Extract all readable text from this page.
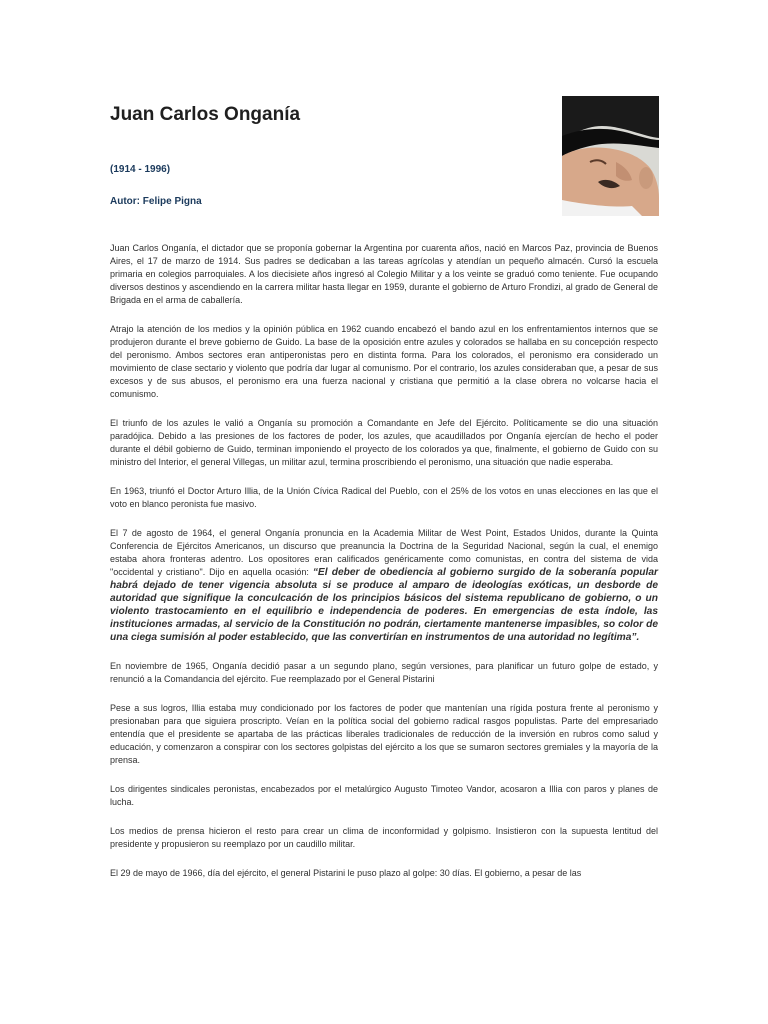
Juan Carlos Onganía
(1914 - 1996)
Autor: Felipe Pigna

Juan Carlos Onganía, el dictador que se proponía gobernar la Argentina por cuarenta años, nació en Marcos Paz, provincia de Buenos Aires, el 17 de marzo de 1914. Sus padres se dedicaban a las tareas agrícolas y atendían un pequeño almacén. Cursó la escuela primaria en colegios parroquiales. A los diecisiete años ingresó al Colegio Militar y a los veinte se graduó como teniente. Fue ocupando diversos destinos y ascendiendo en la carrera militar hasta llegar en 1959, durante el gobierno de Arturo Frondizi, al grado de General de Brigada en el arma de caballería.

Atrajo la atención de los medios y la opinión pública en 1962 cuando encabezó el bando azul en los enfrentamientos internos que se produjeron durante el breve gobierno de Guido. La base de la oposición entre azules y colorados se hallaba en su concepción respecto del peronismo. Ambos sectores eran antiperonistas pero en distinta forma. Para los colorados, el peronismo era considerado un movimiento de clase sectario y violento que podría dar lugar al comunismo. Por el contrario, los azules consideraban que, a pesar de sus excesos y de sus abusos, el peronismo era una fuerza nacional y cristiana que permitió a la clase obrera no volcarse hacia el comunismo.

El triunfo de los azules le valió a Onganía su promoción a Comandante en Jefe del Ejército. Políticamente se dio una situación paradójica. Debido a las presiones de los factores de poder, los azules, que acaudillados por Onganía ejercían de hecho el poder durante el débil gobierno de Guido, terminan imponiendo el proyecto de los colorados ya que, finalmente, el gobierno de Guido con su ministro del Interior, el general Villegas, un militar azul, termina proscribiendo el peronismo, una situación que nadie esperaba.

En 1963, triunfó el Doctor Arturo Illia, de la Unión Cívica Radical del Pueblo, con el 25% de los votos en unas elecciones en las que el voto en blanco peronista fue masivo.

El 7 de agosto de 1964, el general Onganía pronuncia en la Academia Militar de West Point, Estados Unidos, durante la Quinta Conferencia de Ejércitos Americanos, un discurso que preanuncia la Doctrina de la Seguridad Nacional, según la cual, el enemigo estaba ahora fronteras adentro. Los opositores eran calificados genéricamente como comunistas, en contra del sistema de vida "occidental y cristiano". Dijo en aquella ocasión: “El deber de obediencia al gobierno surgido de la soberanía popular habrá dejado de tener vigencia absoluta si se produce al amparo de ideologías exóticas, un desborde de autoridad que signifique la conculcación de los principios básicos del sistema republicano de gobierno, o un violento trastocamiento en el equilibrio e independencia de poderes. En emergencias de esta índole, las instituciones armadas, al servicio de la Constitución no podrán, ciertamente mantenerse impasibles, so color de una ciega sumisión al poder establecido, que las convertirían en instrumentos de una autoridad no legítima”.

En noviembre de 1965, Onganía decidió pasar a un segundo plano, según versiones, para planificar un futuro golpe de estado, y renunció a la Comandancia del ejército. Fue reemplazado por el General Pistarini

Pese a sus logros, Illia estaba muy condicionado por los factores de poder que mantenían una rígida postura frente al peronismo y presionaban para que siguiera proscripto. Veían en la política social del gobierno radical rasgos populistas. Parte del empresariado entendía que el presidente se apartaba de las prácticas liberales tradicionales de reducción de la inversión en rubros como salud y educación, y comenzaron a conspirar con los sectores golpistas del ejército a los que se sumaron sectores gremiales y la mayoría de la prensa.

Los dirigentes sindicales peronistas, encabezados por el metalúrgico Augusto Timoteo Vandor, acosaron a Illia con paros y planes de lucha.

Los medios de prensa hicieron el resto para crear un clima de inconformidad y golpismo. Insistieron con la supuesta lentitud del presidente y propusieron su reemplazo por un caudillo militar.

El 29 de mayo de 1966, día del ejército, el general Pistarini le puso plazo al golpe: 30 días. El gobierno, a pesar de las
